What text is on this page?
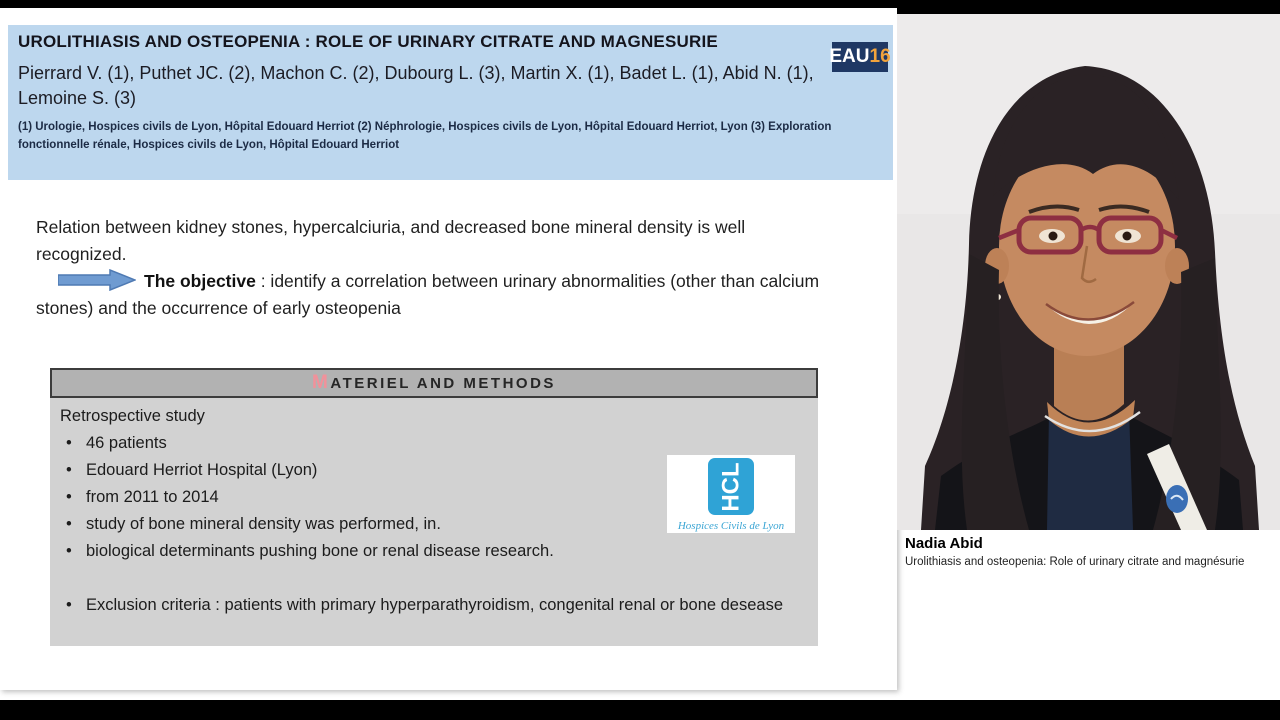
UROLITHIASIS AND OSTEOPENIA : ROLE OF URINARY CITRATE AND MAGNESURIE
EAU 16
Pierrard V. (1), Puthet JC. (2), Machon C. (2), Dubourg L. (3), Martin X. (1), Badet L. (1), Abid N. (1), Lemoine S. (3)
(1) Urologie, Hospices civils de Lyon, Hôpital Edouard Herriot (2) Néphrologie, Hospices civils de Lyon, Hôpital Edouard Herriot, Lyon (3) Exploration fonctionnelle rénale, Hospices civils de Lyon, Hôpital Edouard Herriot

Relation between kidney stones, hypercalciuria, and decreased bone mineral density is well recognized.

The objective : identify a correlation between urinary abnormalities (other than calcium stones) and the occurrence of early osteopenia

M ATERIEL AND METHODS
Retrospective study
• 46 patients
• Edouard Herriot Hospital (Lyon)
• from 2011 to 2014
• study of bone mineral density was performed, in.
• biological determinants pushing bone or renal disease research.
• Exclusion criteria : patients with primary hyperparathyroidism, congenital renal or bone desease
HCL
Hospices Civils de Lyon
Nadia Abid
Urolithiasis and osteopenia: Role of urinary citrate and magnésurie
